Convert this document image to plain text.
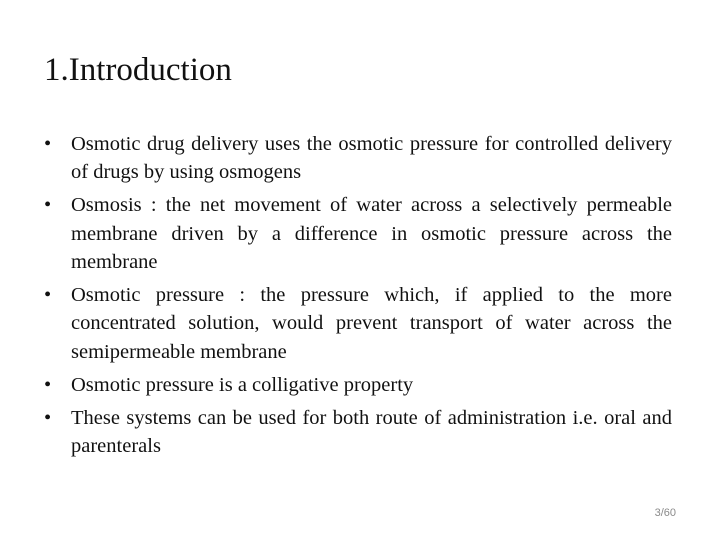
1.Introduction
• Osmotic drug delivery uses the osmotic pressure for controlled delivery of drugs by using osmogens
• Osmosis : the net movement of water across a selectively permeable membrane driven by a difference in osmotic pressure across the membrane
• Osmotic pressure : the pressure which, if applied to the more concentrated solution, would prevent transport of water across the semipermeable membrane
• Osmotic pressure is a colligative property
• These systems can be used for both route of administration i.e. oral and parenterals
3/60
